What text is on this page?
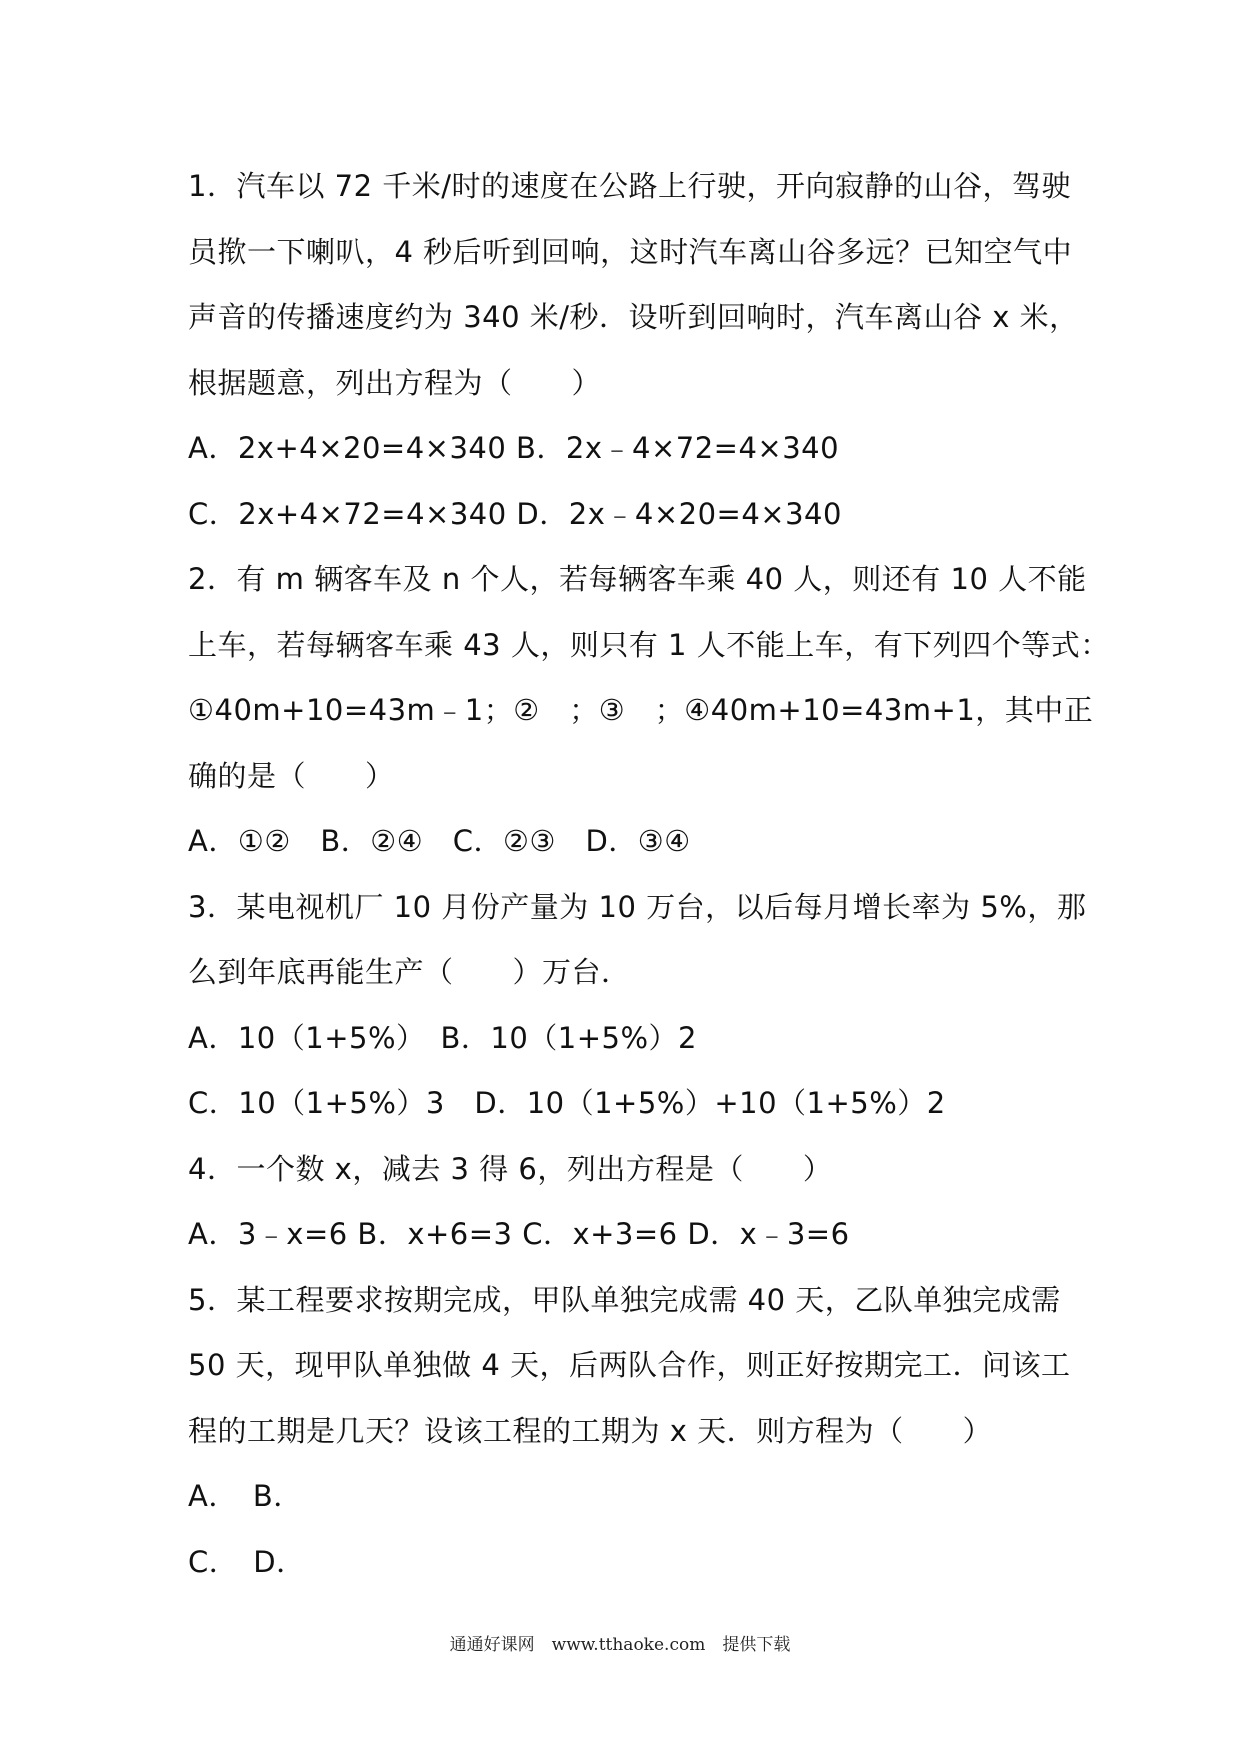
1．汽车以 72 千米/时的速度在公路上行驶，开向寂静的山谷，驾驶
员揿一下喇叭，4 秒后听到回响，这时汽车离山谷多远？已知空气中
声音的传播速度约为 340 米/秒．设听到回响时，汽车离山谷 x 米，
根据题意，列出方程为（　　）
A．2x+4×20=4×340 B．2x﹣4×72=4×340
C．2x+4×72=4×340 D．2x﹣4×20=4×340
2．有 m 辆客车及 n 个人，若每辆客车乘 40 人，则还有 10 人不能
上车，若每辆客车乘 43 人，则只有 1 人不能上车，有下列四个等式：
①40m+10=43m﹣1；②　；③　；④40m+10=43m+1，其中正
确的是（　　）
A．①②　B．②④　C．②③　D．③④
3．某电视机厂 10 月份产量为 10 万台，以后每月增长率为 5%，那
么到年底再能生产（　　）万台．
A．10（1+5%）　B．10（1+5%）2
C．10（1+5%）3　D．10（1+5%）+10（1+5%）2
4．一个数 x，减去 3 得 6，列出方程是（　　）
A．3﹣x=6 B．x+6=3 C．x+3=6 D．x﹣3=6
5．某工程要求按期完成，甲队单独完成需 40 天，乙队单独完成需
50 天，现甲队单独做 4 天，后两队合作，则正好按期完工．问该工
程的工期是几天？设该工程的工期为 x 天．则方程为（　　）
A．　B．
C．　D．
通通好课网　www.tthaoke.com　提供下载
